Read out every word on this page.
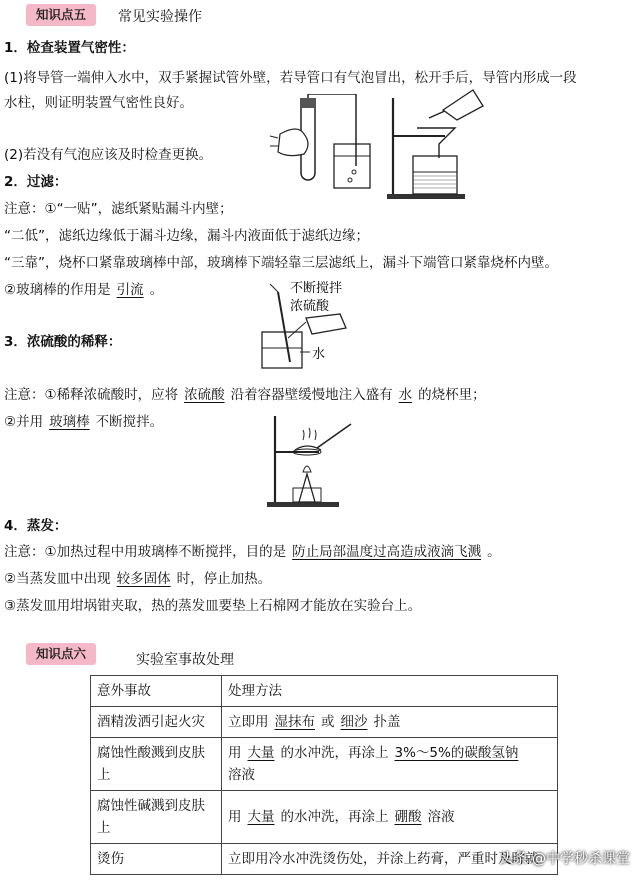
知识点五	常见实验操作
1．检查装置气密性：
(1)将导管一端伸入水中，双手紧握试管外壁，若导管口有气泡冒出，松开手后，导管内形成一段
水柱，则证明装置气密性良好。
(2)若没有气泡应该及时检查更换。
2．过滤：
注意：①“一贴”，滤纸紧贴漏斗内壁；
“二低”，滤纸边缘低于漏斗边缘，漏斗内液面低于滤纸边缘；
“三靠”，烧杯口紧靠玻璃棒中部，玻璃棒下端轻靠三层滤纸上，漏斗下端管口紧靠烧杯内壁。
②玻璃棒的作用是 引流 。	不断搅拌
浓硫酸
水
3．浓硫酸的稀释：
注意：①稀释浓硫酸时，应将 浓硫酸 沿着容器壁缓慢地注入盛有 水 的烧杯里；
②并用 玻璃棒 不断搅拌。
4．蒸发：
注意：①加热过程中用玻璃棒不断搅拌，目的是 防止局部温度过高造成液滴飞溅 。
②当蒸发皿中出现 较多固体 时，停止加热。
③蒸发皿用坩埚钳夹取，热的蒸发皿要垫上石棉网才能放在实验台上。
知识点六	实验室事故处理
意外事故	处理方法
酒精泼洒引起火灾	立即用 湿抹布 或 细沙 扑盖
腐蚀性酸溅到皮肤上	用 大量 的水冲洗，再涂上 3%～5%的碳酸氢钠
溶液
腐蚀性碱溅到皮肤上	用 大量 的水冲洗，再涂上 硼酸 溶液
烫伤	立即用冷水冲洗烫伤处，并涂上药膏，严重时及时就
头条 @中学秒杀课堂
